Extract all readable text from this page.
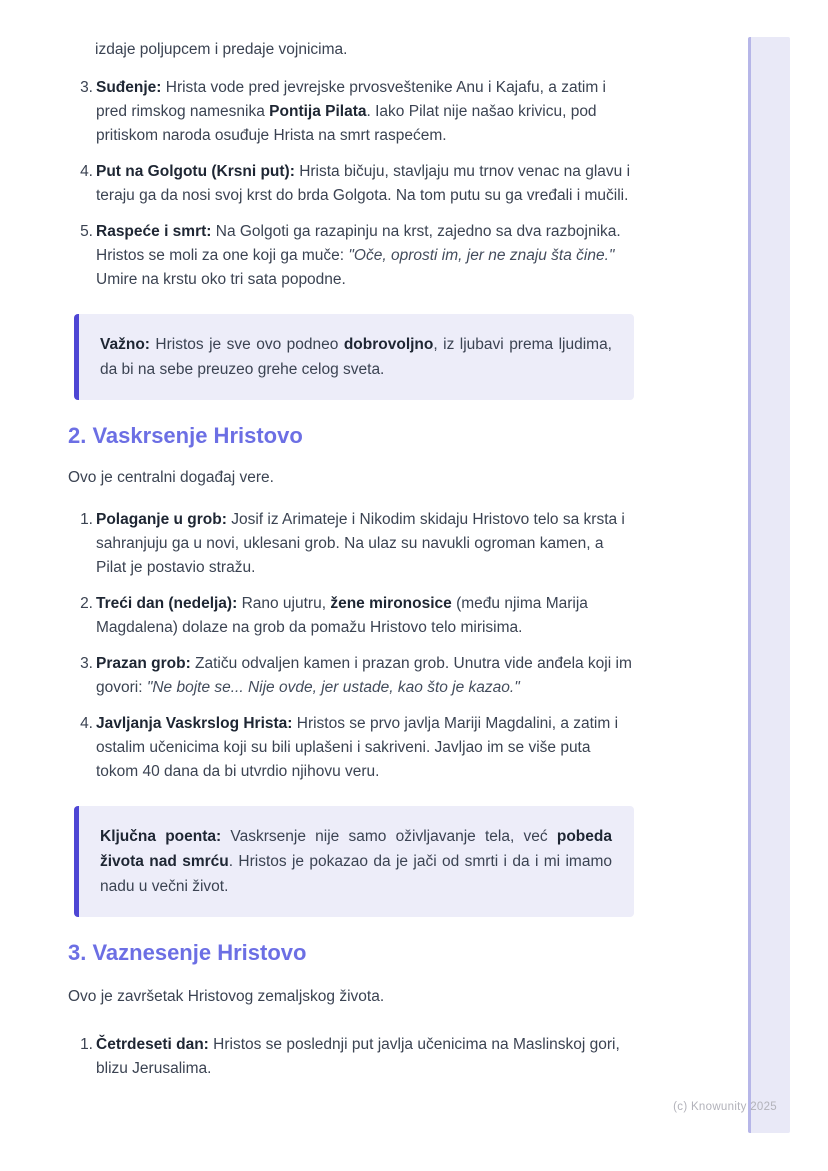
izdaje poljupcem i predaje vojnicima.

3. Suđenje: Hrista vode pred jevrejske prvosveštenike Anu i Kajafu, a zatim i pred rimskog namesnika Pontija Pilata. Iako Pilat nije našao krivicu, pod pritiskom naroda osuđuje Hrista na smrt raspećem.
4. Put na Golgotu (Krsni put): Hrista bičuju, stavljaju mu trnov venac na glavu i teraju ga da nosi svoj krst do brda Golgota. Na tom putu su ga vređali i mučili.
5. Raspeće i smrt: Na Golgoti ga razapinju na krst, zajedno sa dva razbojnika. Hristos se moli za one koji ga muče: "Oče, oprosti im, jer ne znaju šta čine." Umire na krstu oko tri sata popodne.

Važno: Hristos je sve ovo podneo dobrovoljno, iz ljubavi prema ljudima, da bi na sebe preuzeo grehe celog sveta.

2. Vaskrsenje Hristovo

Ovo je centralni događaj vere.

1. Polaganje u grob: Josif iz Arimateje i Nikodim skidaju Hristovo telo sa krsta i sahranjuju ga u novi, uklesani grob. Na ulaz su navukli ogroman kamen, a Pilat je postavio stražu.
2. Treći dan (nedelja): Rano ujutru, žene mironosice (među njima Marija Magdalena) dolaze na grob da pomažu Hristovo telo mirisima.
3. Prazan grob: Zatiču odvaljen kamen i prazan grob. Unutra vide anđela koji im govori: "Ne bojte se... Nije ovde, jer ustade, kao što je kazao."
4. Javljanja Vaskrslog Hrista: Hristos se prvo javlja Mariji Magdalini, a zatim i ostalim učenicima koji su bili uplašeni i sakriveni. Javljao im se više puta tokom 40 dana da bi utvrdio njihovu veru.

Ključna poenta: Vaskrsenje nije samo oživljavanje tela, već pobeda života nad smrću. Hristos je pokazao da je jači od smrti i da i mi imamo nadu u večni život.

3. Vaznesenje Hristovo

Ovo je završetak Hristovog zemaljskog života.

1. Četrdeseti dan: Hristos se poslednji put javlja učenicima na Maslinskoj gori, blizu Jerusalima.
(c) Knowunity 2025
